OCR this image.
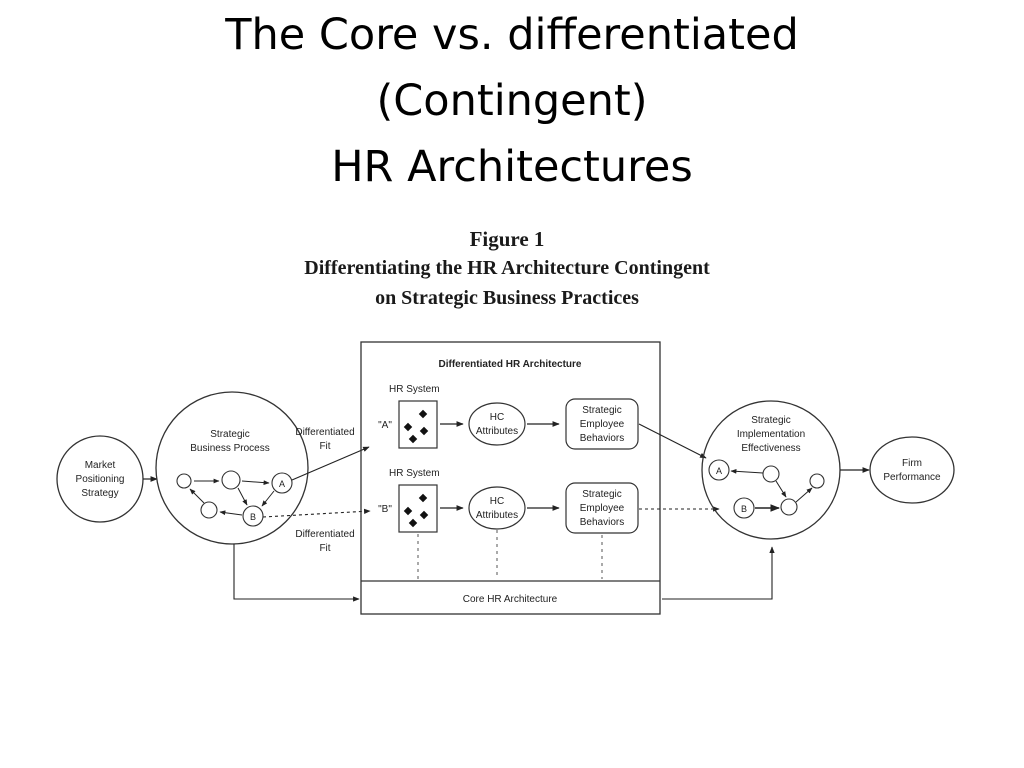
The Core vs. differentiated
(Contingent)
HR Architectures
Figure 1
Differentiating the HR Architecture Contingent
on Strategic Business Practices
Market
Positioning
Strategy
Strategic
Business Process
A
B
Differentiated
Fit
Differentiated
Fit
Differentiated HR Architecture
Core HR Architecture
HR System
"A"
HC
Attributes
Strategic
Employee
Behaviors
HR System
"B"
HC
Attributes
Strategic
Employee
Behaviors
Strategic
Implementation
Effectiveness
A
B
Firm
Performance
